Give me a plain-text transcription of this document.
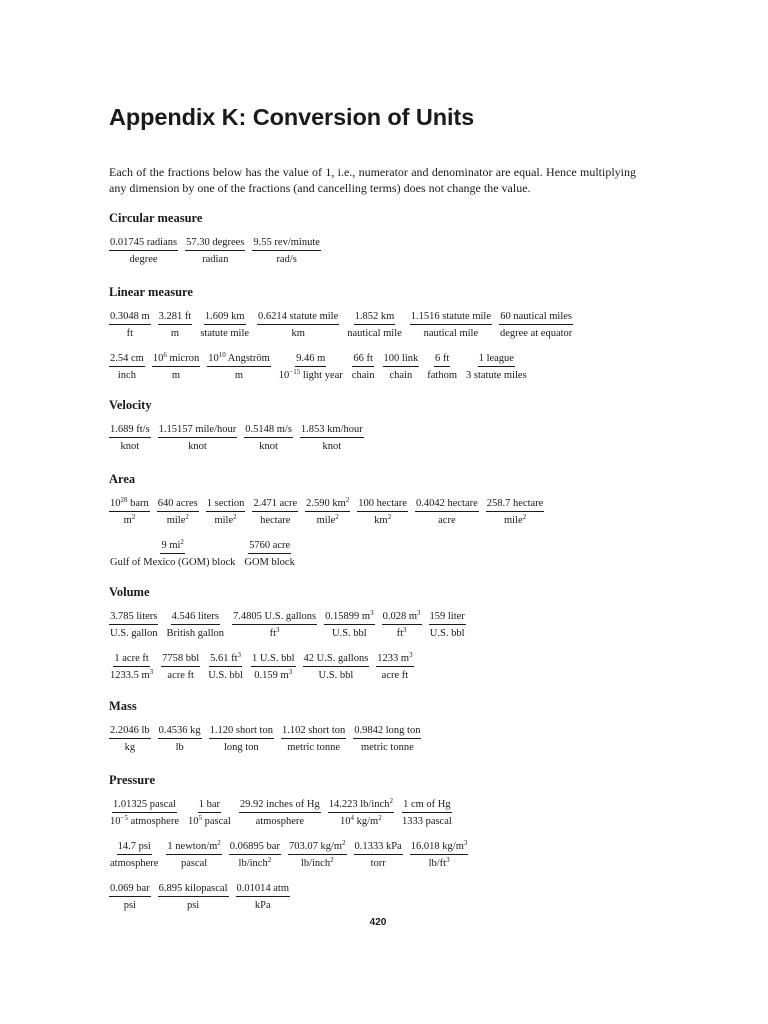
Appendix K: Conversion of Units

Each of the fractions below has the value of 1, i.e., numerator and denominator are equal. Hence multiplying any dimension by one of the fractions (and cancelling terms) does not change the value.

Circular measure
$\frac{\text{0.01745 radians}}{\text{degree}} \frac{\text{57.30 degrees}}{\text{radian}} \frac{\text{9.55 rev/minute}}{\text{rad/s}}$
Linear measure
$\frac{0.3048 m}{ft} \frac{3.281 ft}{m} \frac{1.609 km}{\text{statute mile}} \frac{\text{0.6214 statute mile}}{km} \frac{1.852 km}{\text{nautical mile}} \frac{\text{1.1516 statute mile}}{\text{nautical mile}} \frac{\text{60 nautical miles}}{\text{degree at equator}}$
$\frac{2.54 cm}{\text{inch}} \frac{10^6 micron}{m} \frac{10^{10} Angström}{m} \frac{9.46 m}{10^{-15} light year} \frac{66 ft}{\text{chain}} \frac{\text{100 link}}{\text{chain}} \frac{6 ft}{\text{fathom}} \frac{\text{1 league}}{\text{3 statute miles}}$
Velocity
$\frac{1.689 ft/s}{\text{knot}} \frac{\text{1.15157 mile/hour}}{\text{knot}} \frac{0.5148 m/s}{\text{knot}} \frac{\text{1.853 km/hour}}{\text{knot}}$
Area
$\frac{10^{28} barn}{m^2} \frac{\text{640 acres}}{mile^2} \frac{\text{1 section}}{mile^2} \frac{\text{2.471 acre}}{\text{hectare}} \frac{2.590 km^2}{mile^2} \frac{\text{100 hectare}}{km^2} \frac{\text{0.4042 hectare}}{\text{acre}} \frac{\text{258.7 hectare}}{mile^2}$
$\frac{9 mi^2}{\text{Gulf of Mexico (GOM) block}} \frac{\text{5760 acre}}{\text{GOM block}}$
Volume
$\frac{\text{3.785 liters}}{\text{U.S. gallon}} \frac{\text{4.546 liters}}{\text{British gallon}} \frac{\text{7.4805 U.S. gallons}}{ft^3} \frac{0.15899 m^3}{\text{U.S. bbl}} \frac{0.028 m^3}{ft^3} \frac{\text{159 liter}}{\text{U.S. bbl}}$
$\frac{\text{1 acre ft}}{1233.5 m^3} \frac{\text{7758 bbl}}{\text{acre ft}} \frac{5.61 ft^3}{\text{U.S. bbl}} \frac{\text{1 U.S. bbl}}{0.159 m^3} \frac{\text{42 U.S. gallons}}{\text{U.S. bbl}} \frac{1233 m^3}{\text{acre ft}}$
Mass
$\frac{2.2046 lb}{kg} \frac{0.4536 kg}{lb} \frac{\text{1.120 short ton}}{\text{long ton}} \frac{\text{1.102 short ton}}{\text{metric tonne}} \frac{\text{0.9842 long ton}}{\text{metric tonne}}$
Pressure
$\frac{\text{1.01325 pascal}}{10^{-5} atmosphere} \frac{\text{1 bar}}{10^5 pascal} \frac{\text{29.92 inches of Hg}}{\text{atmosphere}} \frac{14.223 lb/inch^2}{10^4 kg/m^2} \frac{\text{1 cm of Hg}}{\text{1333 pascal}}$
$\frac{\text{14.7 psi}}{\text{atmosphere}} \frac{1 newton/m^2}{\text{pascal}} \frac{\text{0.06895 bar}}{lb/inch^2} \frac{703.07 kg/m^2}{lb/inch^2} \frac{\text{0.1333 kPa}}{\text{torr}} \frac{16.018 kg/m^3}{lb/ft^3}$
$\frac{\text{0.069 bar}}{\text{psi}} \frac{\text{6.895 kilopascal}}{\text{psi}} \frac{\text{0.01014 atm}}{\text{kPa}}$

420
